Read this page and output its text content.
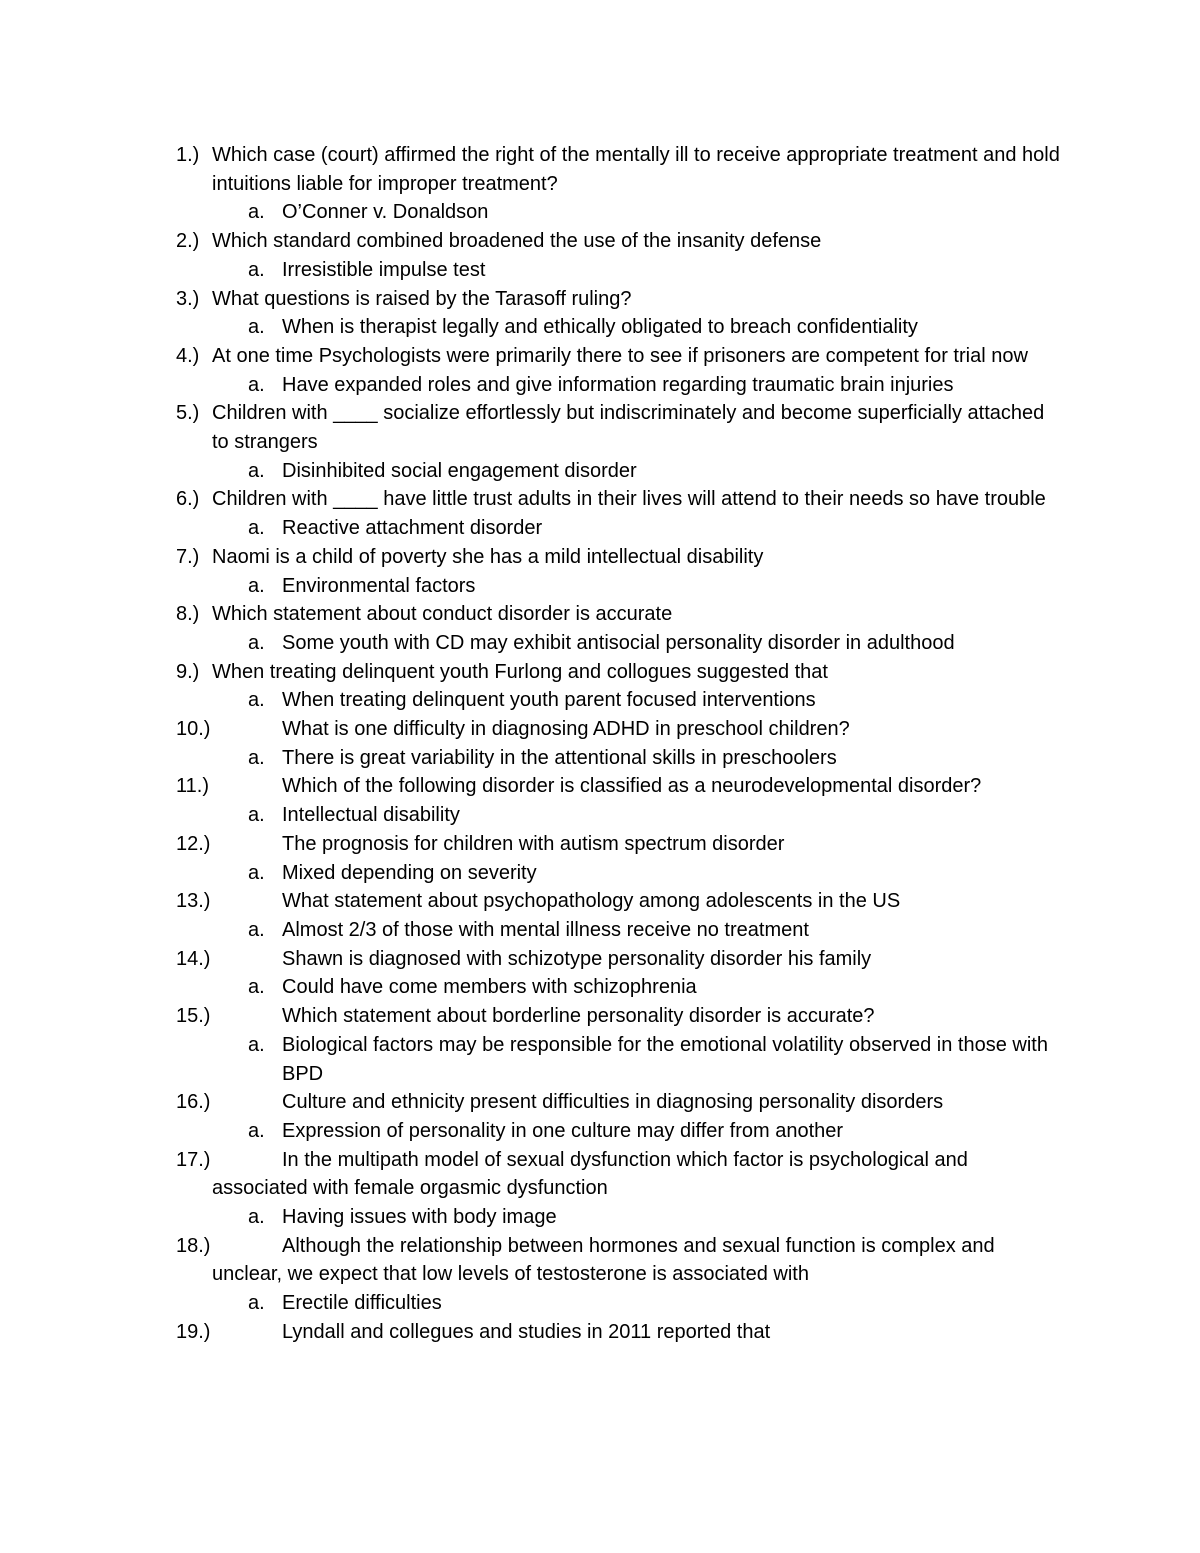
1.) Which case (court) affirmed the right of the mentally ill to receive appropriate treatment and hold intuitions liable for improper treatment?
a. O’Conner v. Donaldson
2.) Which standard combined broadened the use of the insanity defense
a. Irresistible impulse test
3.) What questions is raised by the Tarasoff ruling?
a. When is therapist legally and ethically obligated to breach confidentiality
4.) At one time Psychologists were primarily there to see if prisoners are competent for trial now
a. Have expanded roles and give information regarding traumatic brain injuries
5.) Children with ____ socialize effortlessly but indiscriminately and become superficially attached to strangers
a. Disinhibited social engagement disorder
6.) Children with ____ have little trust adults in their lives will attend to their needs so have trouble
a. Reactive attachment disorder
7.) Naomi is a child of poverty she has a mild intellectual disability
a. Environmental factors
8.) Which statement about conduct disorder is accurate
a. Some youth with CD may exhibit antisocial personality disorder in adulthood
9.) When treating delinquent youth Furlong and collogues suggested that
a. When treating delinquent youth parent focused interventions
10.)	What is one difficulty in diagnosing ADHD in preschool children?
a. There is great variability in the attentional skills in preschoolers
11.)	Which of the following disorder is classified as a neurodevelopmental disorder?
a. Intellectual disability
12.)	The prognosis for children with autism spectrum disorder
a. Mixed depending on severity
13.)	What statement about psychopathology among adolescents in the US
a. Almost 2/3 of those with mental illness receive no treatment
14.)	Shawn is diagnosed with schizotype personality disorder his family
a. Could have come members with schizophrenia
15.)	Which statement about borderline personality disorder is accurate?
a. Biological factors may be responsible for the emotional volatility observed in those with BPD
16.)	Culture and ethnicity present difficulties in diagnosing personality disorders
a. Expression of personality in one culture may differ from another
17.)	In the multipath model of sexual dysfunction which factor is psychological and associated with female orgasmic dysfunction
a. Having issues with body image
18.)	Although the relationship between hormones and sexual function is complex and unclear, we expect that low levels of testosterone is associated with
a. Erectile difficulties
19.)	Lyndall and collegues and studies in 2011 reported that
